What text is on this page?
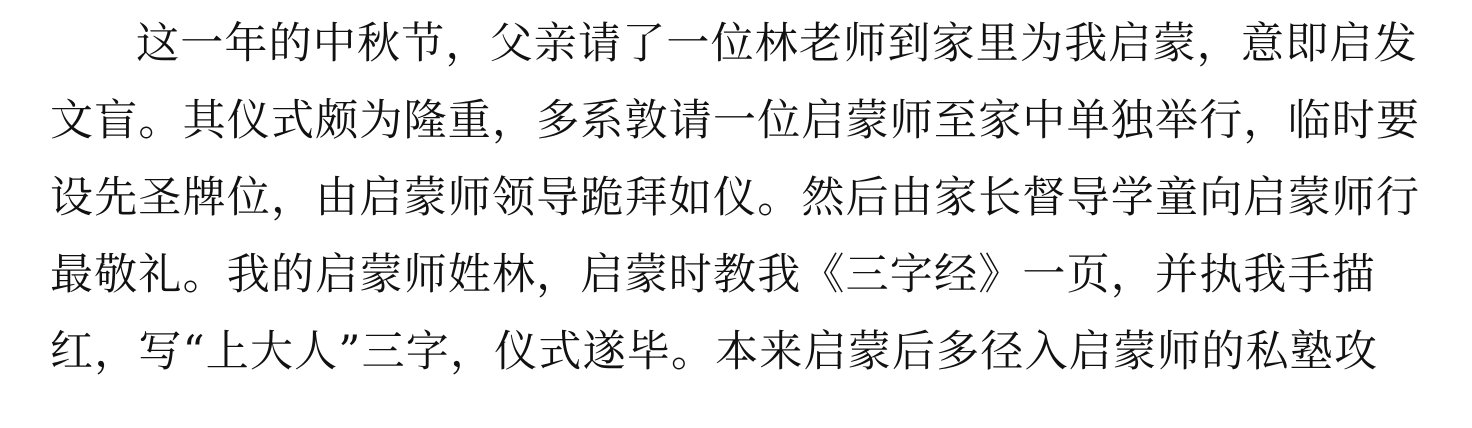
这一年的中秋节，父亲请了一位林老师到家里为我启蒙，意即启发
文盲。其仪式颇为隆重，多系敦请一位启蒙师至家中单独举行，临时要
设先圣牌位，由启蒙师领导跪拜如仪。然后由家长督导学童向启蒙师行
最敬礼。我的启蒙师姓林，启蒙时教我《三字经》一页，并执我手描
红，写“上大人”三字，仪式遂毕。本来启蒙后多径入启蒙师的私塾攻
